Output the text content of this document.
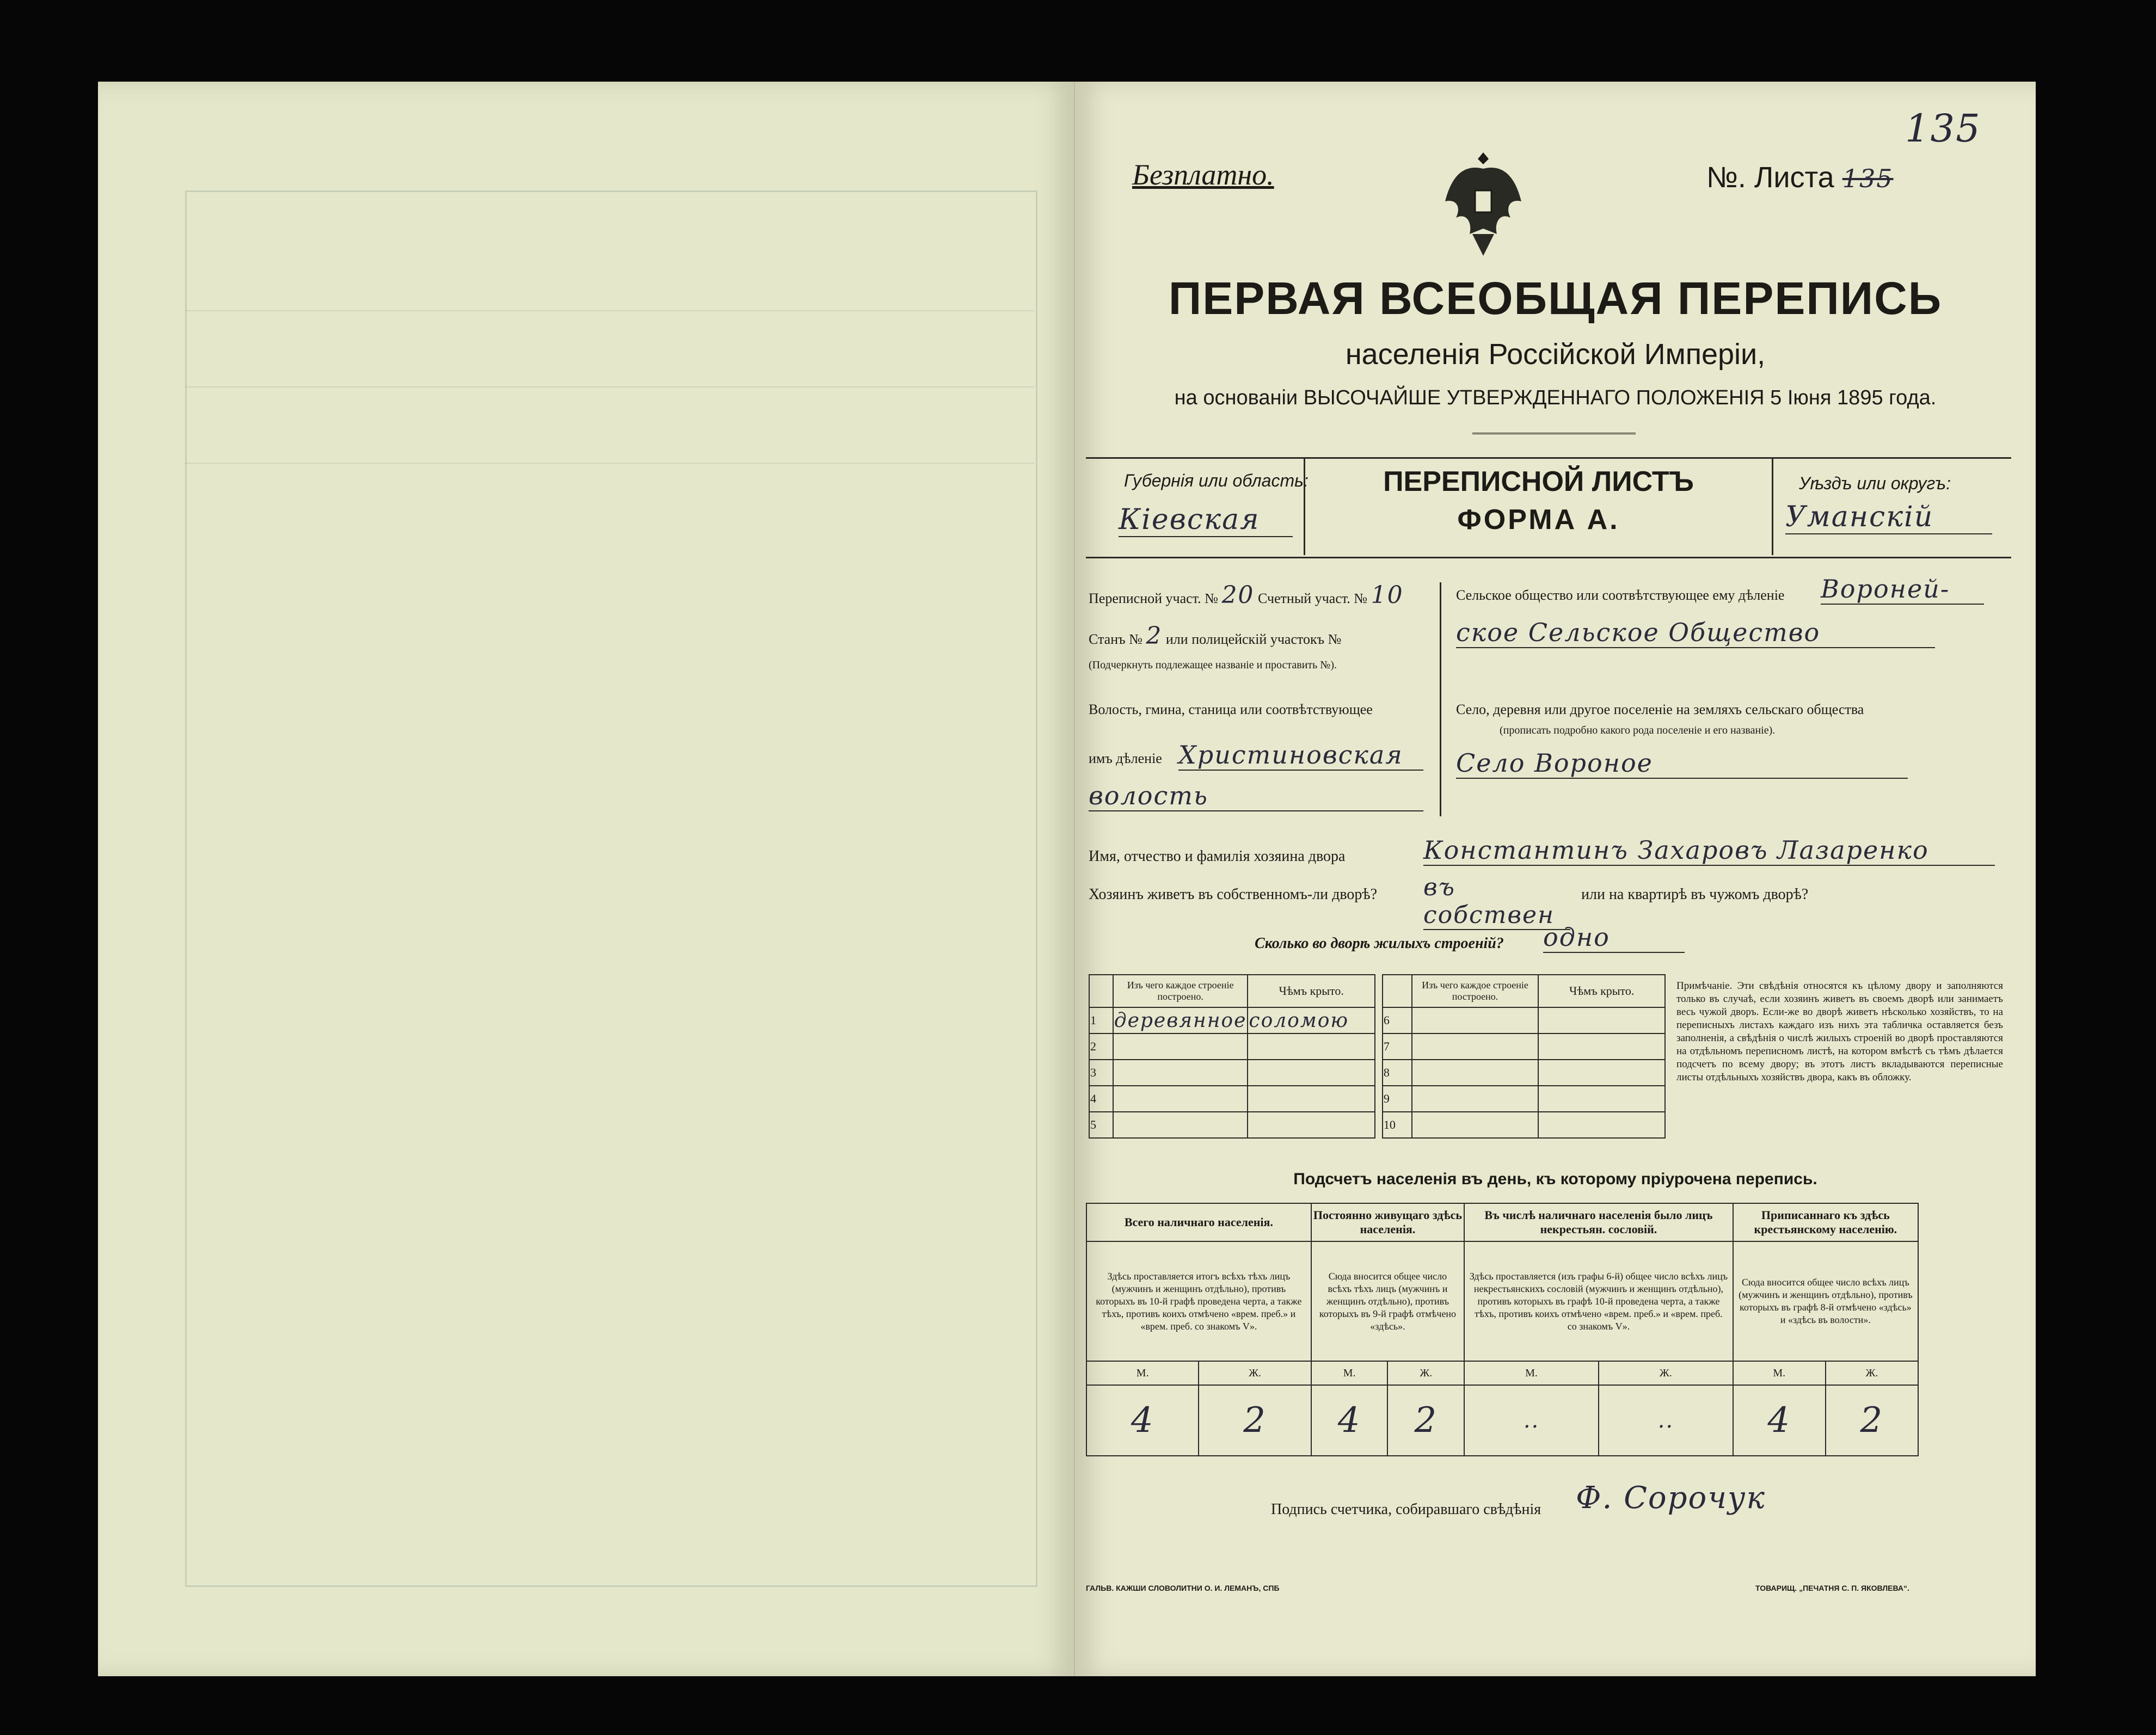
Безплатно.	№. Листа 135
135
ПЕРВАЯ ВСЕОБЩАЯ ПЕРЕПИСЬ
населенія Россійской Имперіи,
на основаніи ВЫСОЧАЙШЕ УТВЕРЖДЕННАГО ПОЛОЖЕНІЯ 5 Іюня 1895 года.
Губернія или область:
Кіевская
ПЕРЕПИСНОЙ ЛИСТЪ
ФОРМА А.
Уѣздъ или округъ:
Уманскій
Переписной участ. № 20 Счетный участ. № 10
Станъ № 2 или полицейскій участокъ №
(Подчеркнуть подлежащее названіе и проставить №).
Волость, гмина, станица или соотвѣтствующее
имъ дѣленіе Христиновская
волость
Сельское общество или соотвѣтствующее ему дѣленіе Вороней-
ское Сельское Общество
Село, деревня или другое поселеніе на земляхъ сельскаго общества
(прописать подробно какого рода поселеніе и его названіе).
Село Вороное
Имя, отчество и фамилія хозяина двора	Константинъ Захаровъ Лазаренко
Хозяинъ живетъ въ собственномъ-ли дворѣ? въ собствен
или на квартирѣ въ чужомъ дворѣ?
Сколько во дворѣ жилыхъ строеній? одно
	Изъ чего каждое строеніе построено.	Чѣмъ крыто.			Изъ чего каждое строеніе построено.	Чѣмъ крыто.
1	деревянное	соломою		6		
2				7		
3				8		
4				9		
5				10		
Примѣчаніе. Эти свѣдѣнія относятся къ цѣлому двору и заполняются только въ случаѣ, если хозяинъ живетъ въ своемъ дворѣ или занимаетъ весь чужой дворъ. Если-же во дворѣ живетъ нѣсколько хозяйствъ, то на переписныхъ листахъ каждаго изъ нихъ эта табличка оставляется безъ заполненія, а свѣдѣнія о числѣ жилыхъ строеній во дворѣ проставляются на отдѣльномъ переписномъ листѣ, на котором вмѣстѣ съ тѣмъ дѣлается подсчетъ по всему двору; въ этотъ листъ вкладываются переписные листы отдѣльныхъ хозяйствъ двора, какъ въ обложку.
Подсчетъ населенія въ день, къ которому пріурочена перепись.
Всего наличнаго населенія.		Постоянно живущаго здѣсь населенія.		Въ числѣ наличнаго населенія было лицъ некрестьян. сословій.		Приписаннаго къ здѣсь крестьянскому населенію.	
Здѣсь проставляется итогъ всѣхъ тѣхъ лицъ (мужчинъ и женщинъ отдѣльно), противъ которыхъ въ 10-й графѣ проведена черта, а также тѣхъ, противъ коихъ отмѣчено «врем. преб.» и «врем. преб. со знакомъ V».		Сюда вносится общее число всѣхъ тѣхъ лицъ (мужчинъ и женщинъ отдѣльно), противъ которыхъ въ 9-й графѣ отмѣчено «здѣсь».		Здѣсь проставляется (изъ графы 6-й) общее число всѣхъ лицъ некрестьянскихъ сословій (мужчинъ и женщинъ отдѣльно), противъ которыхъ въ графѣ 10-й проведена черта, а также тѣхъ, противъ коихъ отмѣчено «врем. преб.» и «врем. преб. со знакомъ V».		Сюда вносится общее число всѣхъ лицъ (мужчинъ и женщинъ отдѣльно), противъ которыхъ въ графѣ 8-й отмѣчено «здѣсь» и «здѣсь въ волости».	
М.	Ж.	М.	Ж.	М.	Ж.	М.	Ж.
4	2	4	2	..	..	4	2
Подпись счетчика, собиравшаго свѣдѣнія Ф. Сорочук
ГАЛЬВ. КАЖШИ СЛОВОЛИТНИ О. И. ЛЕМАНЪ, СПБ	ТОВАРИЩ. „ПЕЧАТНЯ С. П. ЯКОВЛЕВА“.
